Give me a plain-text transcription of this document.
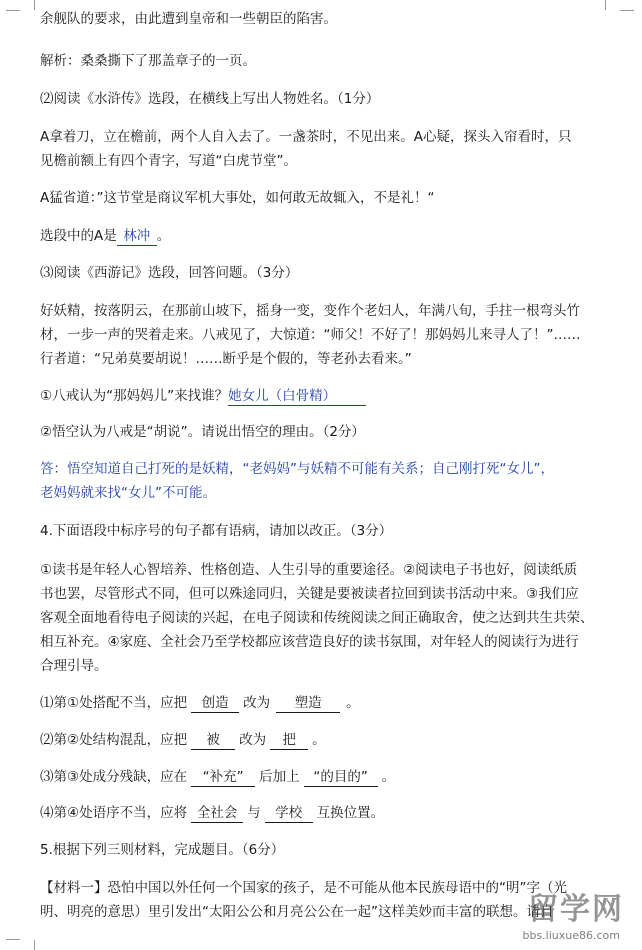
余舰队的要求，由此遭到皇帝和一些朝臣的陷害。
解析：桑桑撕下了那盖章子的一页。
⑵阅读《水浒传》选段，在横线上写出人物姓名。（1分）
A拿着刀，立在檐前，两个人自入去了。一盏茶时，不见出来。A心疑，探头入帘看时，只
见檐前额上有四个青字，写道“白虎节堂”。
A猛省道：”这节堂是商议军机大事处，如何敢无故辄入，不是礼！“
选段中的A是 林冲 。
⑶阅读《西游记》选段，回答问题。（3分）
好妖精，按落阴云，在那前山坡下，摇身一变，变作个老妇人，年满八旬，手拄一根弯头竹
材，一步一声的哭着走来。八戒见了，大惊道：“师父！不好了！那妈妈儿来寻人了！”……
行者道：“兄弟莫要胡说！……断乎是个假的，等老孙去看来。”
①八戒认为“那妈妈儿”来找谁？她女儿（白骨精）
②悟空认为八戒是“胡说”。请说出悟空的理由。（2分）
答：悟空知道自己打死的是妖精，“老妈妈”与妖精不可能有关系；自己刚打死“女儿”，
老妈妈就来找“女儿”不可能。
4.下面语段中标序号的句子都有语病，请加以改正。（3分）
①读书是年轻人心智培养、性格创造、人生引导的重要途径。②阅读电子书也好，阅读纸质
书也罢，尽管形式不同，但可以殊途同归，关键是要被读者拉回到读书活动中来。③我们应
客观全面地看待电子阅读的兴起，在电子阅读和传统阅读之间正确取舍，使之达到共生共荣、
相互补充。④家庭、全社会乃至学校都应该营造良好的读书氛围，对年轻人的阅读行为进行
合理引导。
⑴第①处搭配不当，应把 创造 改为 塑造 。
⑵第②处结构混乱，应把 被 改为 把 。
⑶第③处成分残缺，应在 “补充” 后加上 “的目的” 。
⑷第④处语序不当，应将 全社会 与 学校 互换位置。
5.根据下列三则材料，完成题目。（6分）
【材料一】恐怕中国以外任何一个国家的孩子，是不可能从他本民族母语中的“明”字（光
明、明亮的意思）里引发出“太阳公公和月亮公公在一起”这样美妙而丰富的联想。请自
留学网
bbs.liuxue86.com
